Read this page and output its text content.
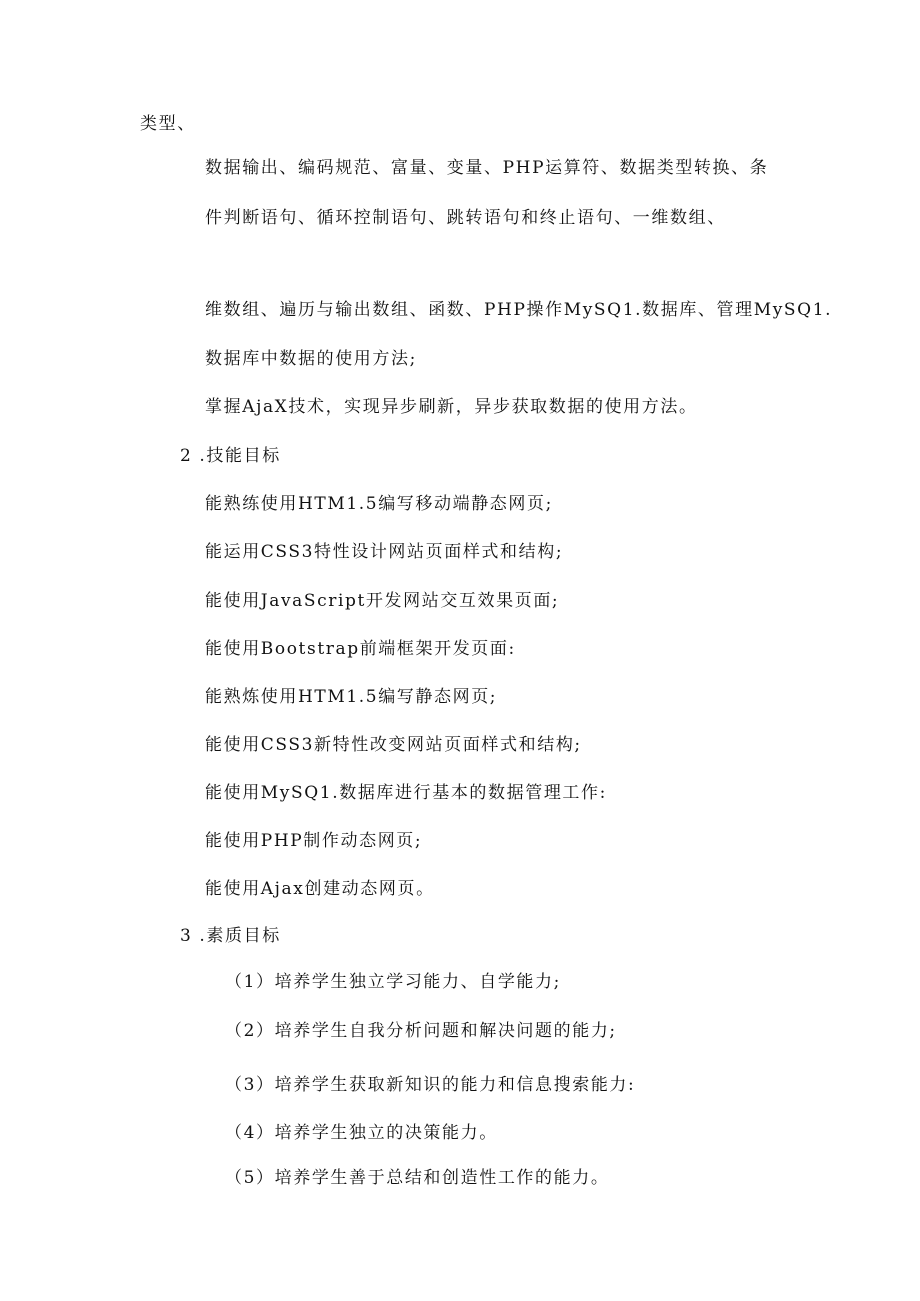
类型、
数据输出、编码规范、富量、变量、PHP运算符、数据类型转换、条
件判断语句、循环控制语句、跳转语句和终止语句、一维数组、
维数组、遍历与输出数组、函数、PHP操作MySQ1.数据库、管理MySQ1.
数据库中数据的使用方法;
掌握AjaX技术，实现异步刷新，异步获取数据的使用方法。
2 .技能目标
能熟练使用HTM1.5编写移动端静态网页;
能运用CSS3特性设计网站页面样式和结构;
能使用JavaScript开发网站交互效果页面;
能使用Bootstrap前端框架开发页面:
能熟炼使用HTM1.5编写静态网页;
能使用CSS3新特性改变网站页面样式和结构;
能使用MySQ1.数据库进行基本的数据管理工作:
能使用PHP制作动态网页;
能使用Ajax创建动态网页。
3 .素质目标
（1）培养学生独立学习能力、自学能力;
（2）培养学生自我分析问题和解决问题的能力;
（3）培养学生获取新知识的能力和信息搜索能力:
（4）培养学生独立的决策能力。
（5）培养学生善于总结和创造性工作的能力。
